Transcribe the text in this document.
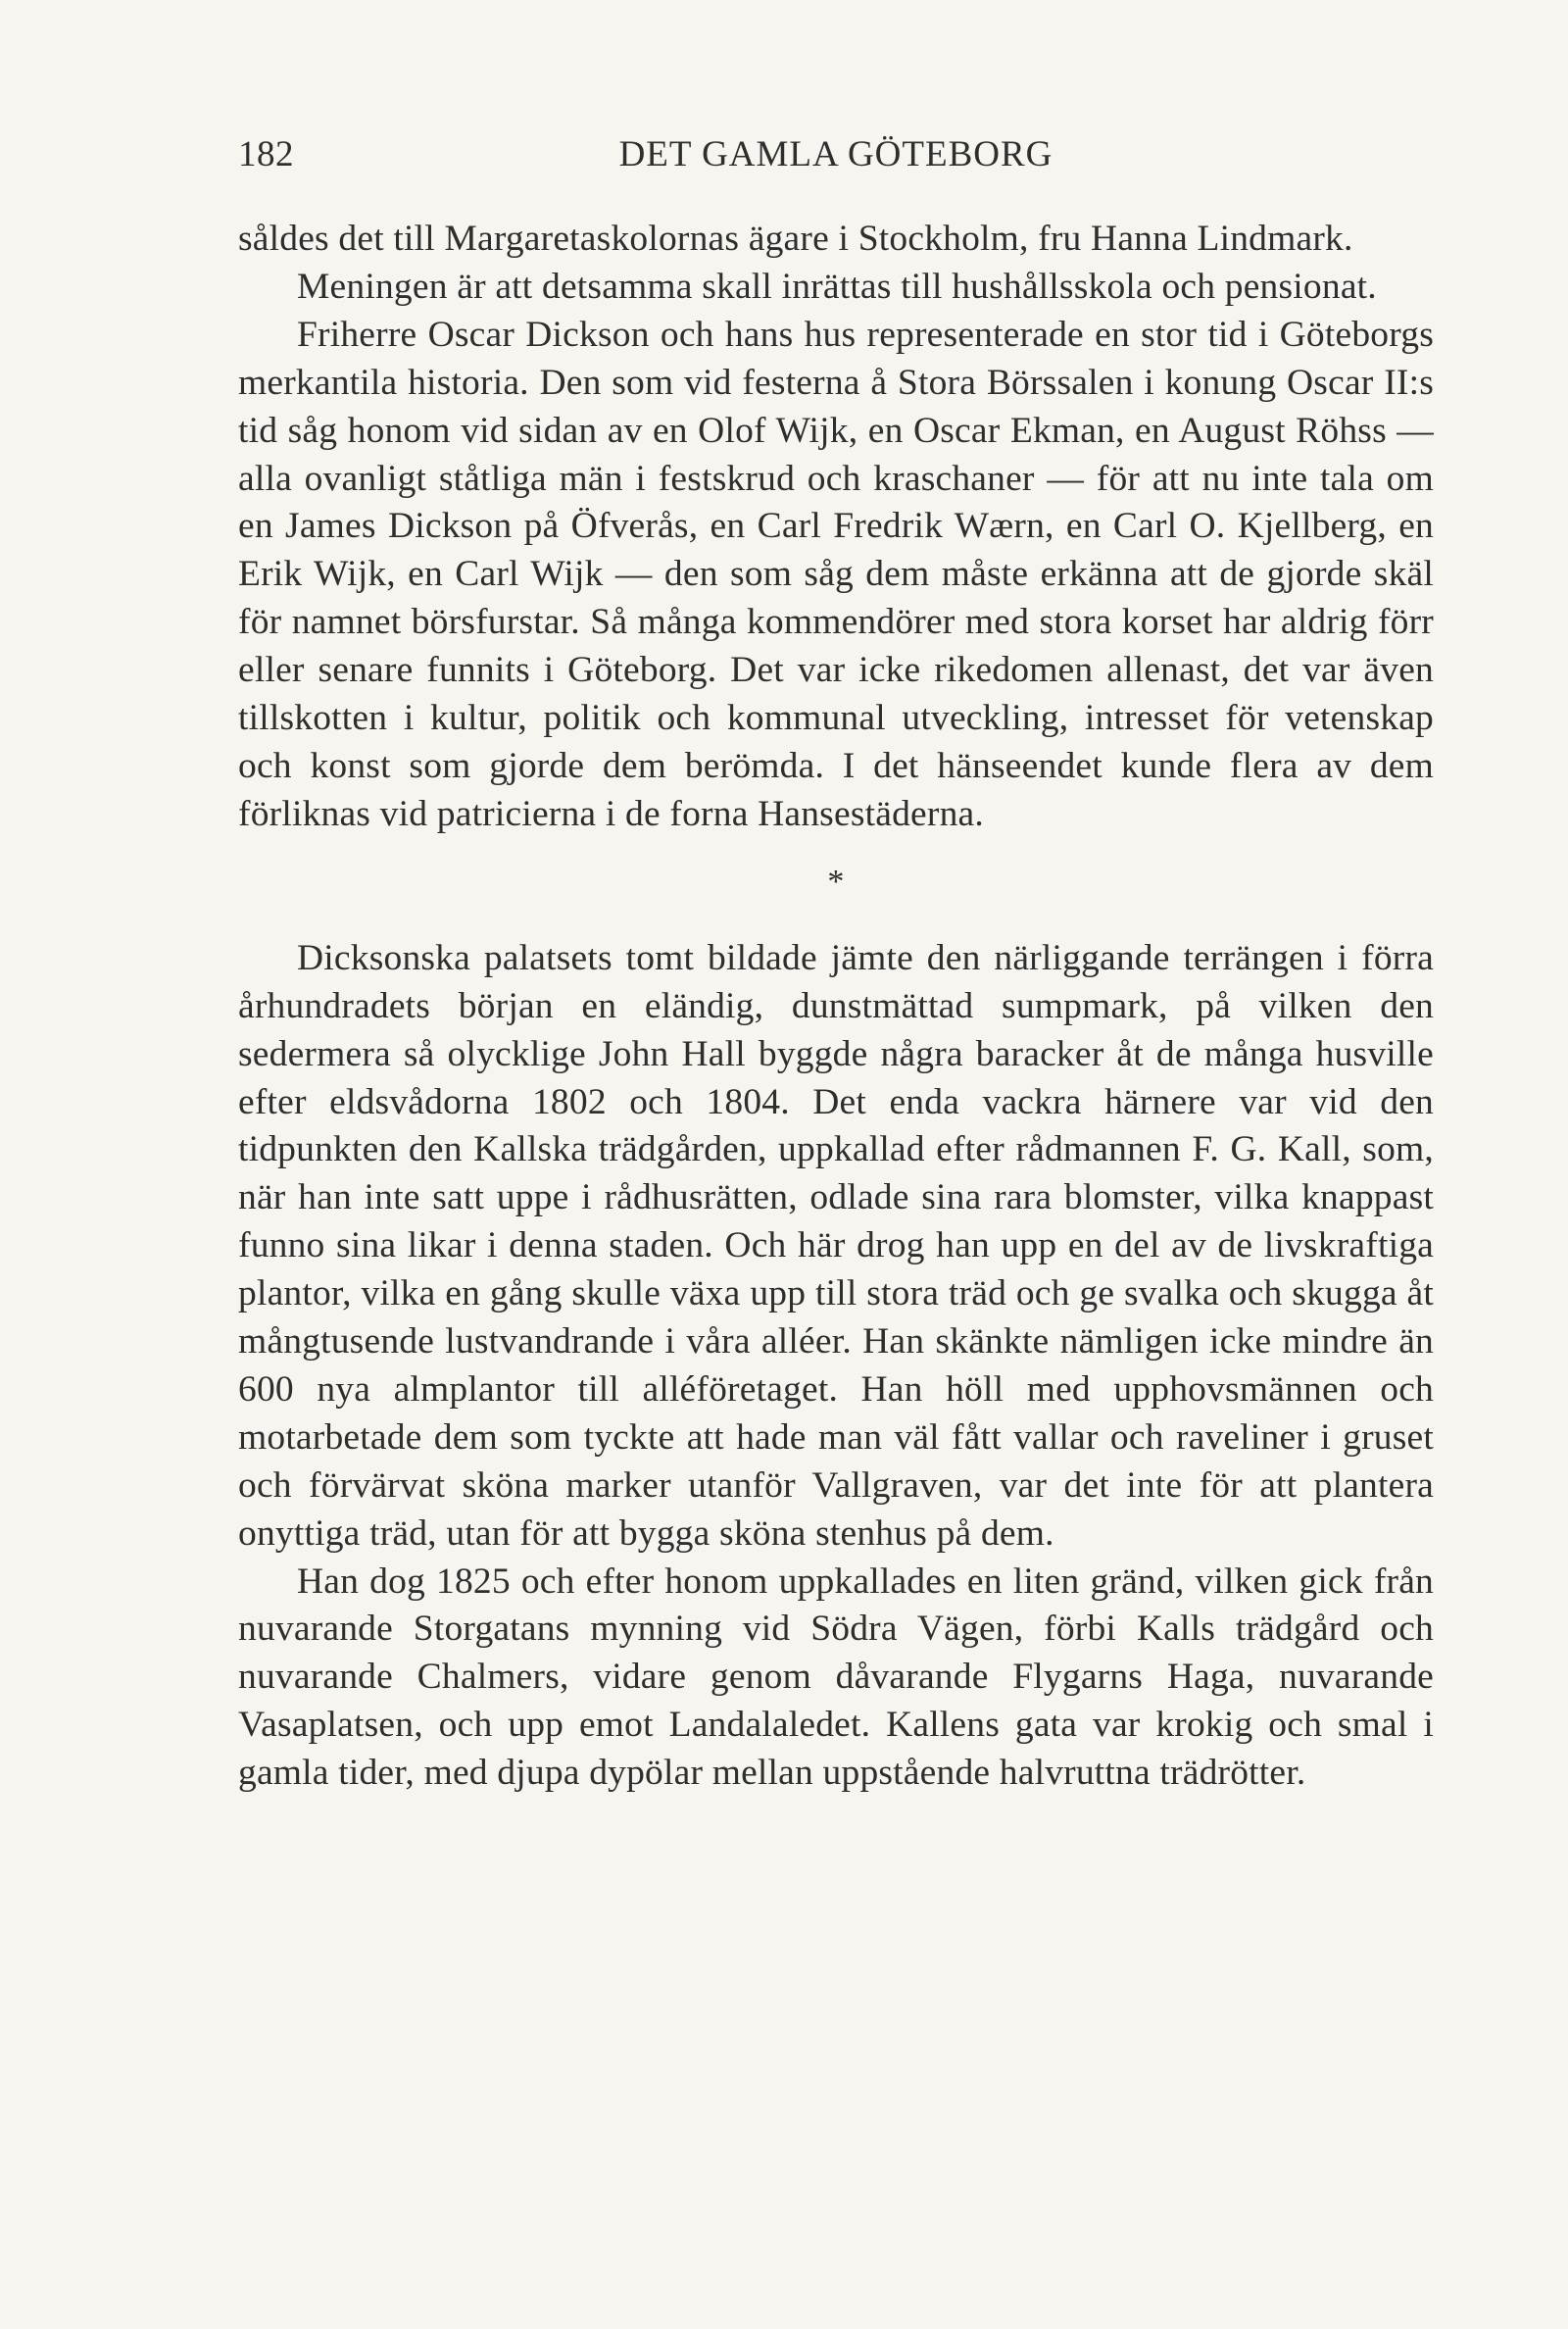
182	DET GAMLA GÖTEBORG

såldes det till Margaretaskolornas ägare i Stockholm, fru Hanna Lindmark.

Meningen är att detsamma skall inrättas till hushållsskola och pensionat.

Friherre Oscar Dickson och hans hus representerade en stor tid i Göteborgs merkantila historia. Den som vid festerna å Stora Börssalen i konung Oscar II:s tid såg honom vid sidan av en Olof Wijk, en Oscar Ekman, en August Röhss — alla ovanligt ståtliga män i festskrud och kraschaner — för att nu inte tala om en James Dickson på Öfverås, en Carl Fredrik Wærn, en Carl O. Kjellberg, en Erik Wijk, en Carl Wijk — den som såg dem måste erkänna att de gjorde skäl för namnet börsfurstar. Så många kommendörer med stora korset har aldrig förr eller senare funnits i Göteborg. Det var icke rikedomen allenast, det var även tillskotten i kultur, politik och kommunal utveckling, intresset för vetenskap och konst som gjorde dem berömda. I det hänseendet kunde flera av dem förliknas vid patricierna i de forna Hansestäderna.

*

Dicksonska palatsets tomt bildade jämte den närliggande terrängen i förra århundradets början en eländig, dunstmättad sumpmark, på vilken den sedermera så olycklige John Hall byggde några baracker åt de många husville efter eldsvådorna 1802 och 1804. Det enda vackra härnere var vid den tidpunkten den Kallska trädgården, uppkallad efter rådmannen F. G. Kall, som, när han inte satt uppe i rådhusrätten, odlade sina rara blomster, vilka knappast funno sina likar i denna staden. Och här drog han upp en del av de livskraftiga plantor, vilka en gång skulle växa upp till stora träd och ge svalka och skugga åt mångtusende lustvandrande i våra alléer. Han skänkte nämligen icke mindre än 600 nya almplantor till alléföretaget. Han höll med upphovsmännen och motarbetade dem som tyckte att hade man väl fått vallar och raveliner i gruset och förvärvat sköna marker utanför Vallgraven, var det inte för att plantera onyttiga träd, utan för att bygga sköna stenhus på dem.

Han dog 1825 och efter honom uppkallades en liten gränd, vilken gick från nuvarande Storgatans mynning vid Södra Vägen, förbi Kalls trädgård och nuvarande Chalmers, vidare genom dåvarande Flygarns Haga, nuvarande Vasaplatsen, och upp emot Landalaledet. Kallens gata var krokig och smal i gamla tider, med djupa dypölar mellan uppstående halvruttna trädrötter.
